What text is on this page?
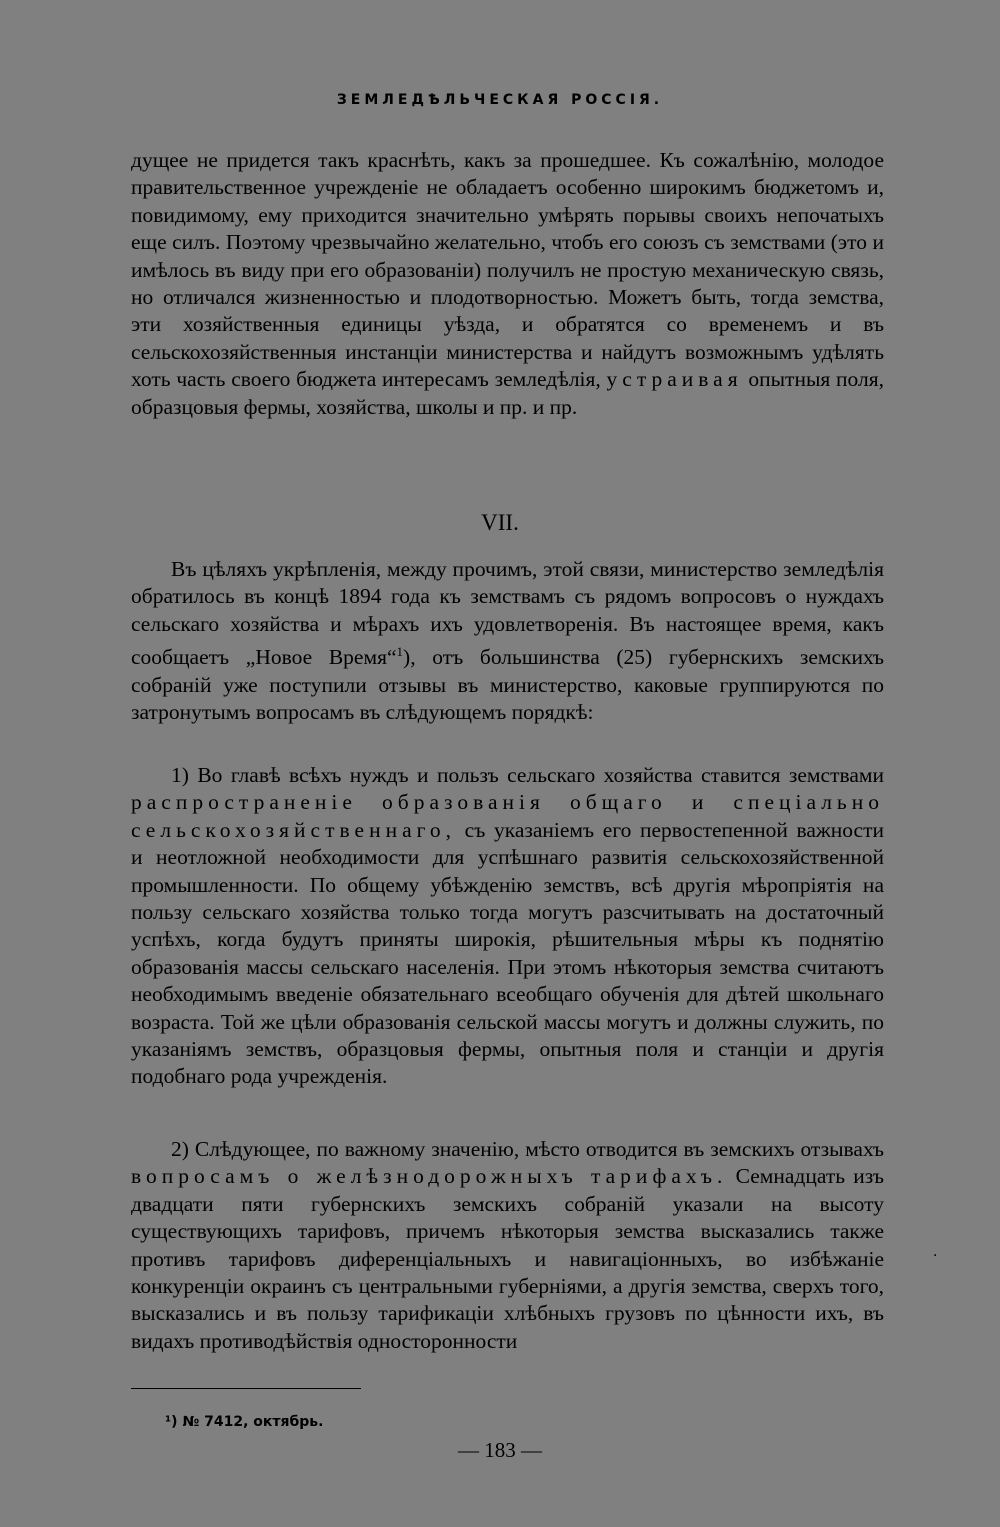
ЗЕМЛЕДѢЛЬЧЕСКАЯ РОССІЯ.

дущее не придется такъ краснѣть, какъ за прошедшее. Къ сожалѣнію, молодое правительственное учрежденіе не обладаетъ особенно широкимъ бюджетомъ и, повидимому, ему приходится значительно умѣрять порывы своихъ непочатыхъ еще силъ. Поэтому чрезвычайно желательно, чтобъ его союзъ съ земствами (это и имѣлось въ виду при его образованіи) получилъ не простую механическую связь, но отличался жизненностью и плодотворностью. Можетъ быть, тогда земства, эти хозяйственныя единицы уѣзда, и обратятся со временемъ и въ сельскохозяйственныя инстанціи министерства и найдутъ возможнымъ удѣлять хоть часть своего бюджета интересамъ земледѣлія, устраивая опытныя поля, образцовыя фермы, хозяйства, школы и пр. и пр.

VII.

Въ цѣляхъ укрѣпленія, между прочимъ, этой связи, министерство земледѣлія обратилось въ концѣ 1894 года къ земствамъ съ рядомъ вопросовъ о нуждахъ сельскаго хозяйства и мѣрахъ ихъ удовлетворенія. Въ настоящее время, какъ сообщаетъ „Новое Время“$^1$), отъ большинства (25) губернскихъ земскихъ собраній уже поступили отзывы въ министерство, каковые группируются по затронутымъ вопросамъ въ слѣдующемъ порядкѣ:

1) Во главѣ всѣхъ нуждъ и пользъ сельскаго хозяйства ставится земствами распространеніе образованія общаго и спеціально сельскохозяйственнаго, съ указаніемъ его первостепенной важности и неотложной необходимости для успѣшнаго развитія сельскохозяйственной промышленности. По общему убѣжденію земствъ, всѣ другія мѣропріятія на пользу сельскаго хозяйства только тогда могутъ разсчитывать на достаточный успѣхъ, когда будутъ приняты широкія, рѣшительныя мѣры къ поднятію образованія массы сельскаго населенія. При этомъ нѣкоторыя земства считаютъ необходимымъ введеніе обязательнаго всеобщаго обученія для дѣтей школьнаго возраста. Той же цѣли образованія сельской массы могутъ и должны служить, по указаніямъ земствъ, образцовыя фермы, опытныя поля и станціи и другія подобнаго рода учрежденія.

2) Слѣдующее, по важному значенію, мѣсто отводится въ земскихъ отзывахъ вопросамъ о желѣзнодорожныхъ тарифахъ. Семнадцать изъ двадцати пяти губернскихъ земскихъ собраній указали на высоту существующихъ тарифовъ, причемъ нѣкоторыя земства высказались также противъ тарифовъ диференціальныхъ и навигаціонныхъ, во избѣжаніе конкуренціи окраинъ съ центральными губерніями, а другія земства, сверхъ того, высказались и въ пользу тарификаціи хлѣбныхъ грузовъ по цѣнности ихъ, въ видахъ противодѣйствія односторонности

·
¹) № 7412, октябрь.
— 183 —
